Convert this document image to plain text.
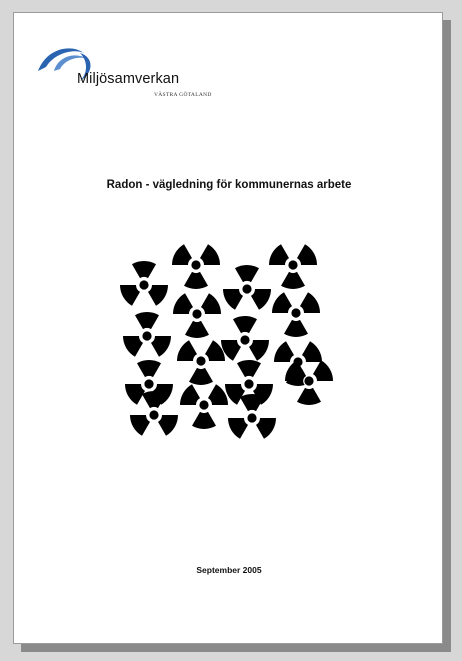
Miljösamverkan
VÄSTRA GÖTALAND
Radon - vägledning för kommunernas arbete
September 2005
